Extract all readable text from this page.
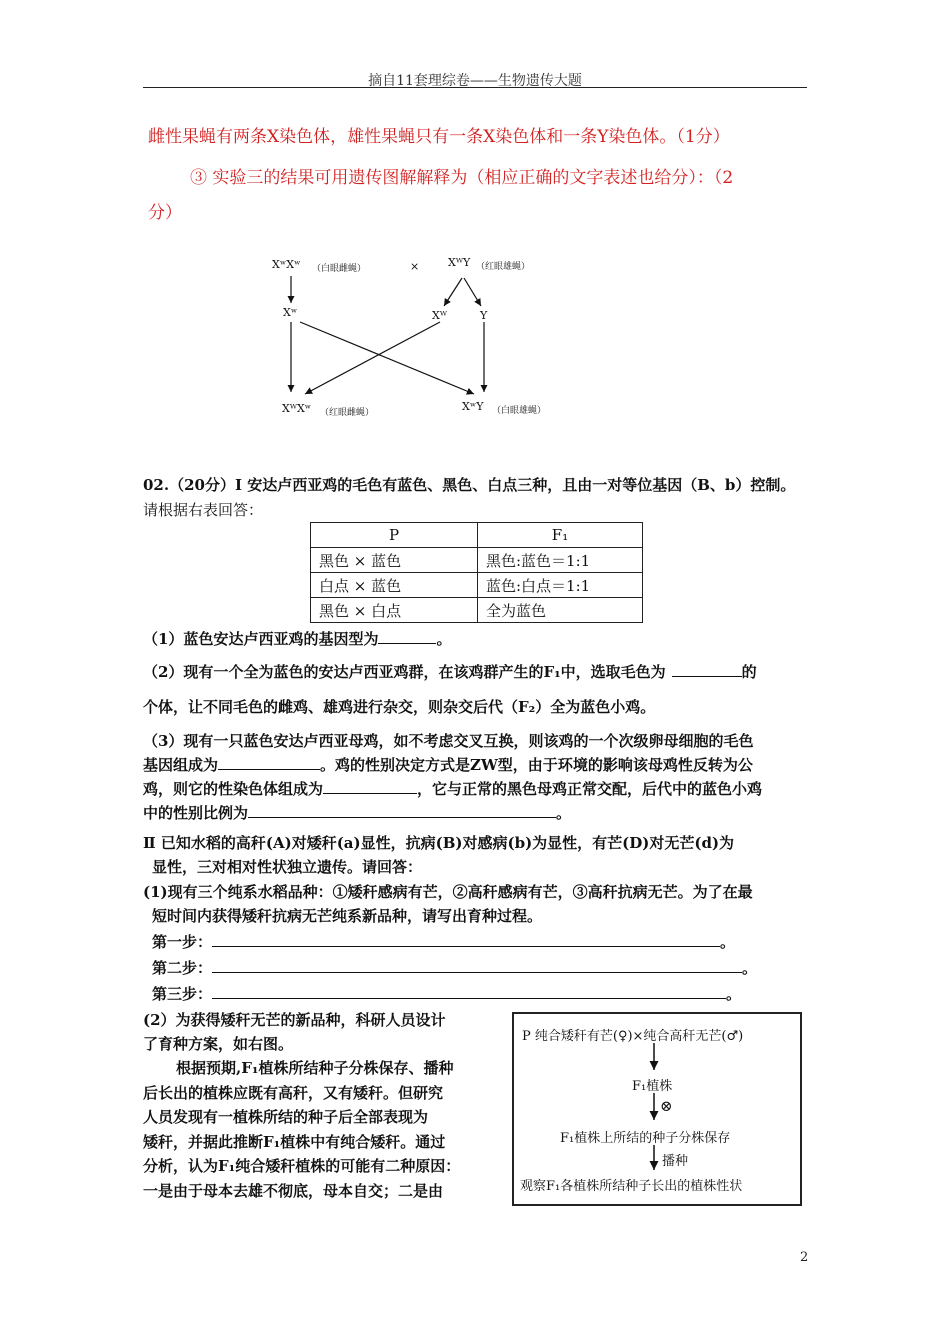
摘自11套理综卷——生物遗传大题
雌性果蝇有两条X染色体，雄性果蝇只有一条X染色体和一条Y染色体。（1分）
③ 实验三的结果可用遗传图解解释为（相应正确的文字表述也给分）：（2
分）
XʷXʷ （白眼雌蝇）	×	XᵂY （红眼雄蝇）
Xʷ	Xᵂ	Y
XᵂXʷ （红眼雌蝇）	XʷY （白眼雄蝇）
02.（20分）Ⅰ 安达卢西亚鸡的毛色有蓝色、黑色、白点三种，且由一对等位基因（B、b）控制。
请根据右表回答：
P	F₁
黑色 × 蓝色	黑色:蓝色＝1:1
白点 × 蓝色	蓝色:白点＝1:1
黑色 × 白点	全为蓝色
（1）蓝色安达卢西亚鸡的基因型为	。
（2）现有一个全为蓝色的安达卢西亚鸡群，在该鸡群产生的F₁中，选取毛色为	的
个体，让不同毛色的雌鸡、雄鸡进行杂交，则杂交后代（F₂）全为蓝色小鸡。
（3）现有一只蓝色安达卢西亚母鸡，如不考虑交叉互换，则该鸡的一个次级卵母细胞的毛色
基因组成为	。鸡的性别决定方式是ZW型，由于环境的影响该母鸡性反转为公
鸡，则它的性染色体组成为	，它与正常的黑色母鸡正常交配，后代中的蓝色小鸡
中的性别比例为	。
Ⅱ 已知水稻的高秆(A)对矮秆(a)显性，抗病(B)对感病(b)为显性，有芒(D)对无芒(d)为
显性，三对相对性状独立遗传。请回答：
(1)现有三个纯系水稻品种：①矮秆感病有芒，②高秆感病有芒，③高秆抗病无芒。为了在最
短时间内获得矮秆抗病无芒纯系新品种，请写出育种过程。
第一步：	。
第二步：	。
第三步：	。
(2）为获得矮秆无芒的新品种，科研人员设计
了育种方案，如右图。
根据预期,F₁植株所结种子分株保存、播种
后长出的植株应既有高秆，又有矮秆。但研究
人员发现有一植株所结的种子后全部表现为
矮秆，并据此推断F₁植株中有纯合矮秆。通过
分析，认为F₁纯合矮秆植株的可能有二种原因：
一是由于母本去雄不彻底，母本自交；二是由
P 纯合矮秆有芒(♀)×纯合高秆无芒(♂)
F₁植株
⊗
F₁植株上所结的种子分株保存
播种
观察F₁各植株所结种子长出的植株性状
2
